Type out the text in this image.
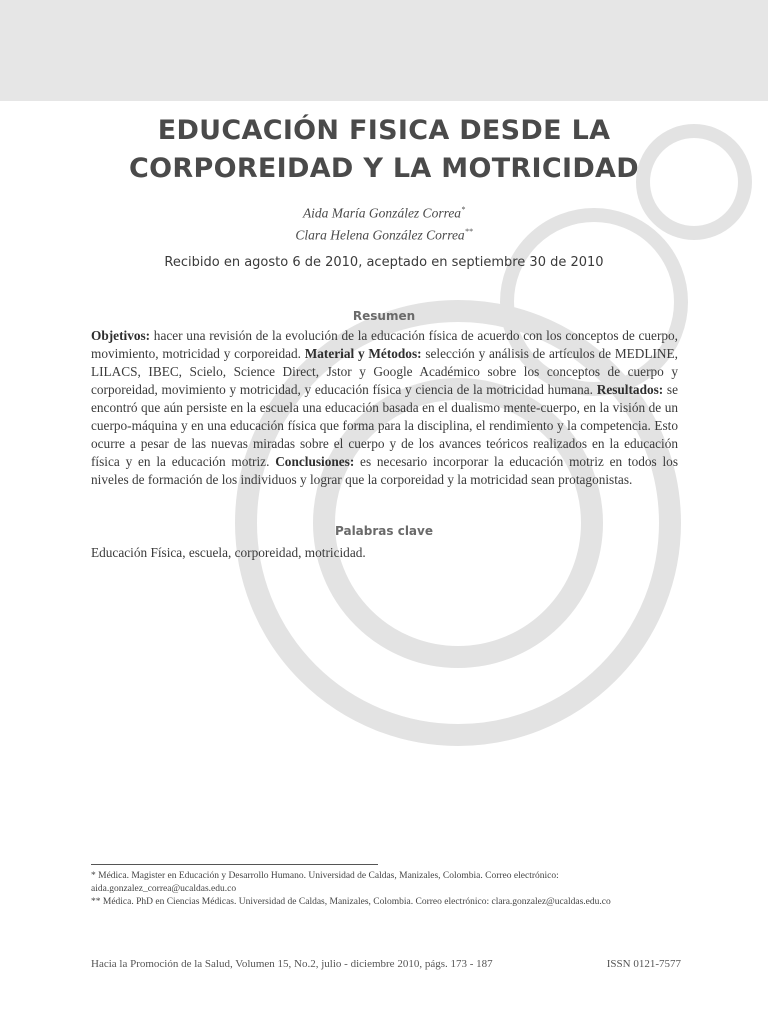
EDUCACIÓN FISICA DESDE LA
CORPOREIDAD Y LA MOTRICIDAD
Aida María González Correa*
Clara Helena González Correa**
Recibido en agosto 6 de 2010, aceptado en septiembre 30 de 2010
Resumen

Objetivos: hacer una revisión de la evolución de la educación física de acuerdo con los conceptos de cuerpo, movimiento, motricidad y corporeidad. Material y Métodos: selección y análisis de artículos de MEDLINE, LILACS, IBEC, Scielo, Science Direct, Jstor y Google Académico sobre los conceptos de cuerpo y corporeidad, movimiento y motricidad, y educación física y ciencia de la motricidad humana. Resultados: se encontró que aún persiste en la escuela una educación basada en el dualismo mente-cuerpo, en la visión de un cuerpo-máquina y en una educación física que forma para la disciplina, el rendimiento y la competencia. Esto ocurre a pesar de las nuevas miradas sobre el cuerpo y de los avances teóricos realizados en la educación física y en la educación motriz. Conclusiones: es necesario incorporar la educación motriz en todos los niveles de formación de los individuos y lograr que la corporeidad y la motricidad sean protagonistas.

Palabras clave
Educación Física, escuela, corporeidad, motricidad.

* Médica. Magister en Educación y Desarrollo Humano. Universidad de Caldas, Manizales, Colombia. Correo electrónico: aida.gonzalez_correa@ucaldas.edu.co

** Médica. PhD en Ciencias Médicas. Universidad de Caldas, Manizales, Colombia. Correo electrónico: clara.gonzalez@ucaldas.edu.co

Hacia la Promoción de la Salud, Volumen 15, No.2, julio - diciembre 2010, págs. 173 - 187	ISSN 0121-7577
